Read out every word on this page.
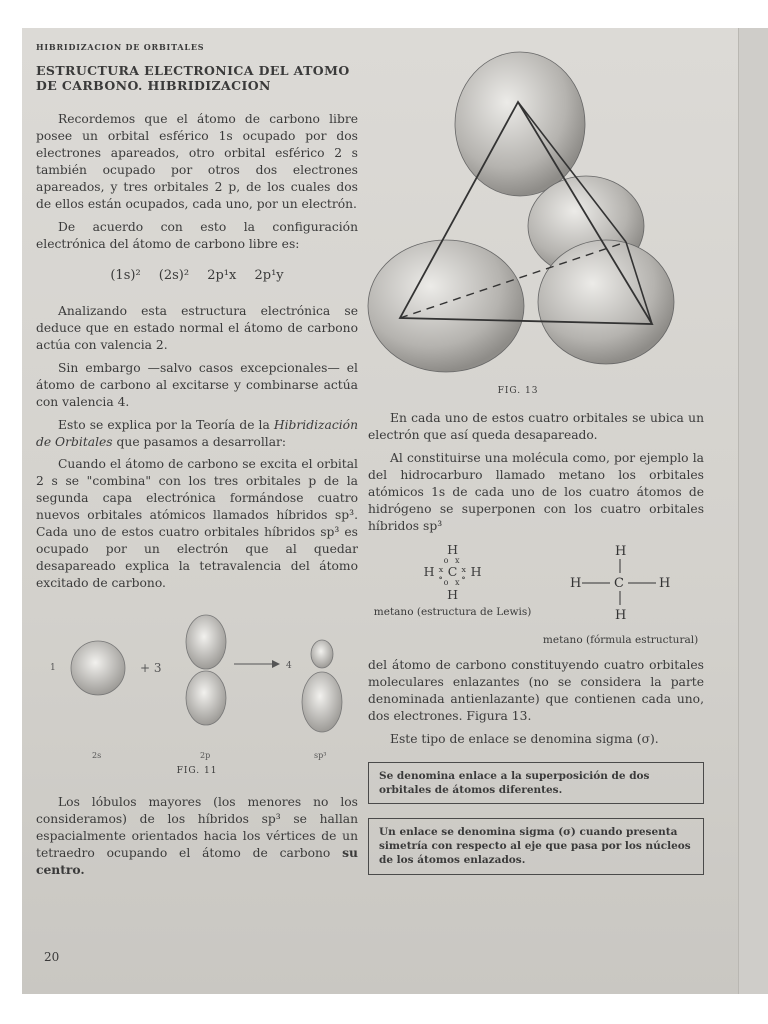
HIBRIDIZACION DE ORBITALES
ESTRUCTURA ELECTRONICA DEL ATOMO DE CARBONO. HIBRIDIZACION

Recordemos que el átomo de carbono libre posee un orbital esférico 1s ocupado por dos electrones apareados, otro orbital esférico 2 s también ocupado por otros dos electrones apareados, y tres orbitales 2 p, de los cuales dos de ellos están ocupados, cada uno, por un electrón.

De acuerdo con esto la configuración electrónica del átomo de carbono libre es:

(1s)² (2s)² 2p¹x 2p¹y

Analizando esta estructura electrónica se deduce que en estado normal el átomo de carbono actúa con valencia 2.

Sin embargo —salvo casos excepcionales— el átomo de carbono al excitarse y combinarse actúa con valencia 4.

Esto se explica por la Teoría de la Hibridización de Orbitales que pasamos a desarrollar:

Cuando el átomo de carbono se excita el orbital 2 s se "combina" con los tres orbitales p de la segunda capa electrónica formándose cuatro nuevos orbitales atómicos llamados híbridos sp³. Cada uno de estos cuatro orbitales híbridos sp³ es ocupado por un electrón que al quedar desapareado explica la tetravalencia del átomo excitado de carbono.

1	+ 3	4
2s	2p	sp³
FIG. 11

Los lóbulos mayores (los menores no los consideramos) de los híbridos sp³ se hallan espacialmente orientados hacia los vértices de un tetraedro ocupando el átomo de carbono su centro.

FIG. 13

En cada uno de estos cuatro orbitales se ubica un electrón que así queda desapareado.

Al constituirse una molécula como, por ejemplo la del hidrocarburo llamado metano los orbitales atómicos 1s de cada uno de los cuatro átomos de hidrógeno se superponen con los cuatro orbitales híbridos sp³

H
o x
H ˣ̥ C ˣ̥ H
o x
H
metano (estructura de Lewis)
H
H	C	H
H
metano (fórmula estructural)

del átomo de carbono constituyendo cuatro orbitales moleculares enlazantes (no se considera la parte denominada antienlazante) que contienen cada uno, dos electrones. Figura 13.

Este tipo de enlace se denomina sigma (σ).

Se denomina enlace a la superposición de dos orbitales de átomos diferentes.
Un enlace se denomina sigma (σ) cuando presenta simetría con respecto al eje que pasa por los núcleos de los átomos enlazados.
20
